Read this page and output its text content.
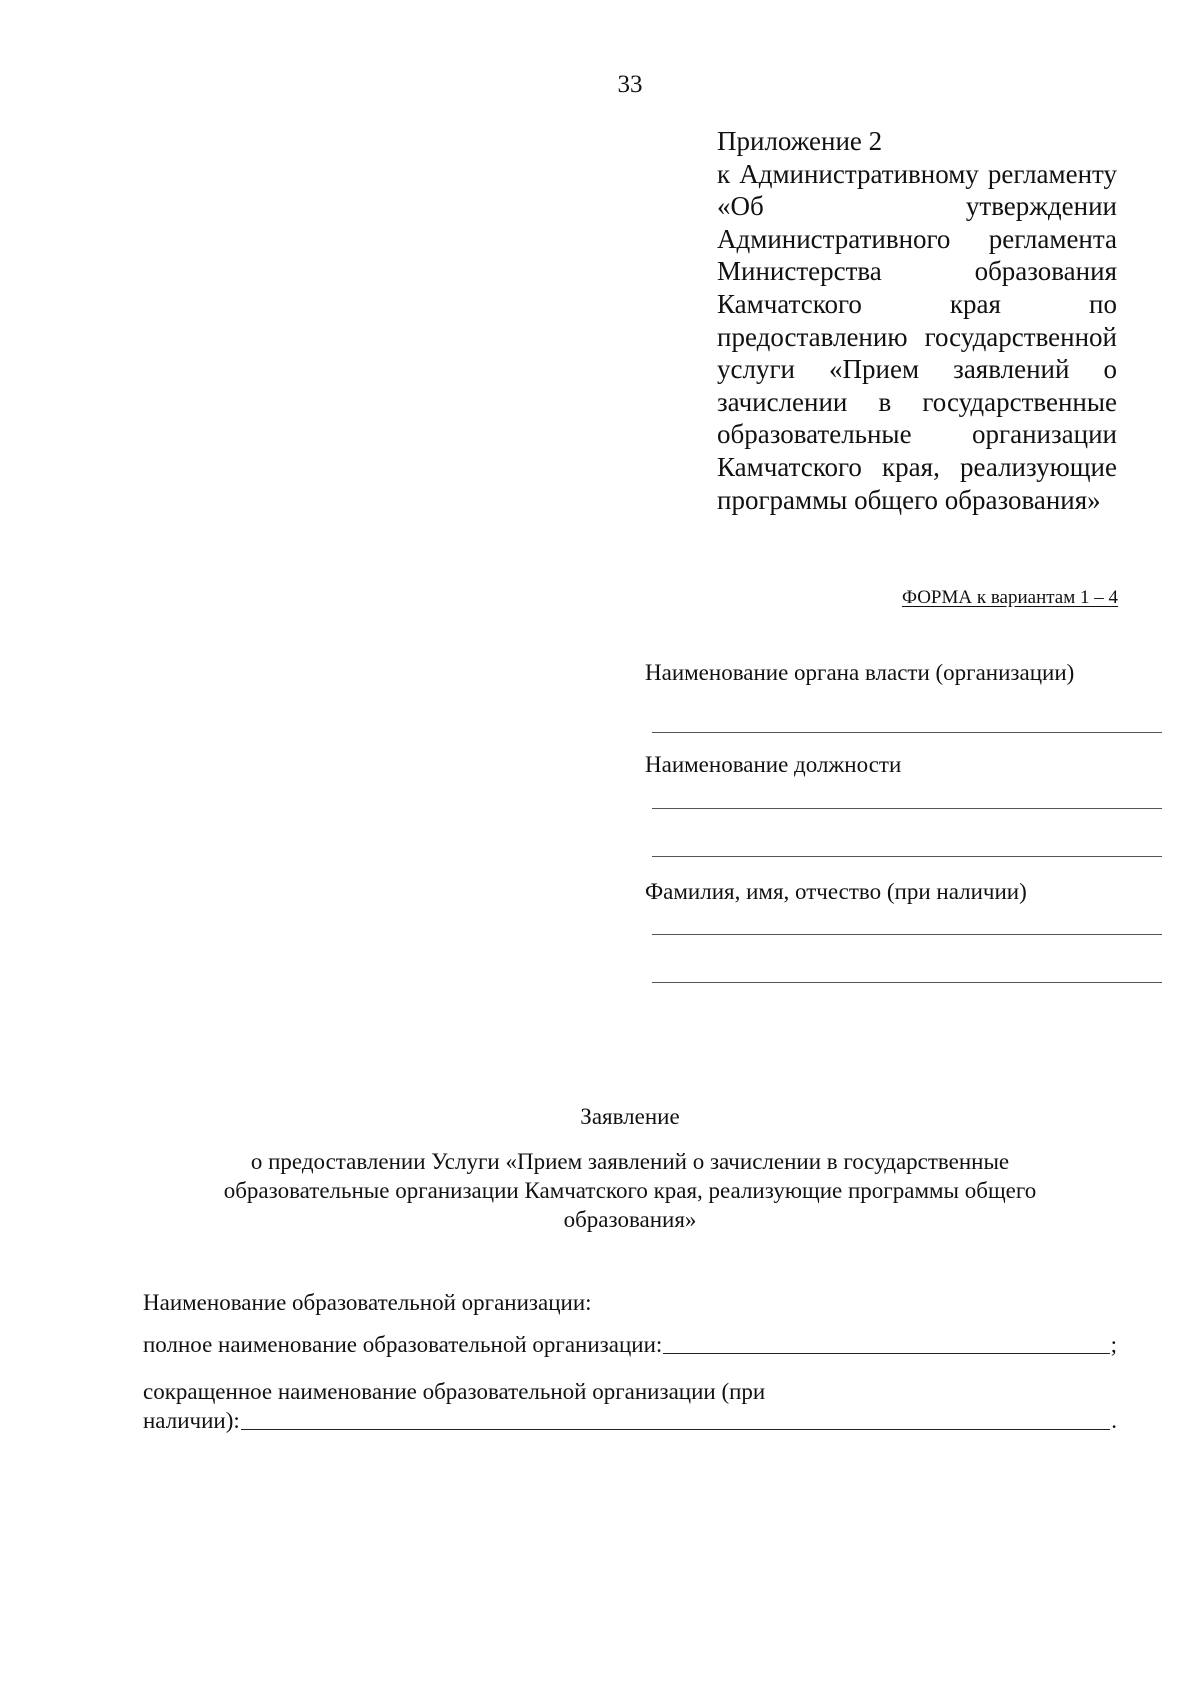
33
Приложение 2
к Административному регламенту «Об утверждении Административного регламента Министерства образования Камчатского края по предоставлению государственной услуги «Прием заявлений о зачислении в государственные образовательные организации Камчатского края, реализующие программы общего образования»
ФОРМА к вариантам 1 – 4
Наименование органа власти (организации)
Наименование должности
Фамилия, имя, отчество (при наличии)
Заявление
о предоставлении Услуги «Прием заявлений о зачислении в государственные образовательные организации Камчатского края, реализующие программы общего образования»
Наименование образовательной организации:
полное наименование образовательной организации:	;
сокращенное наименование образовательной организации (при
наличии):	.
